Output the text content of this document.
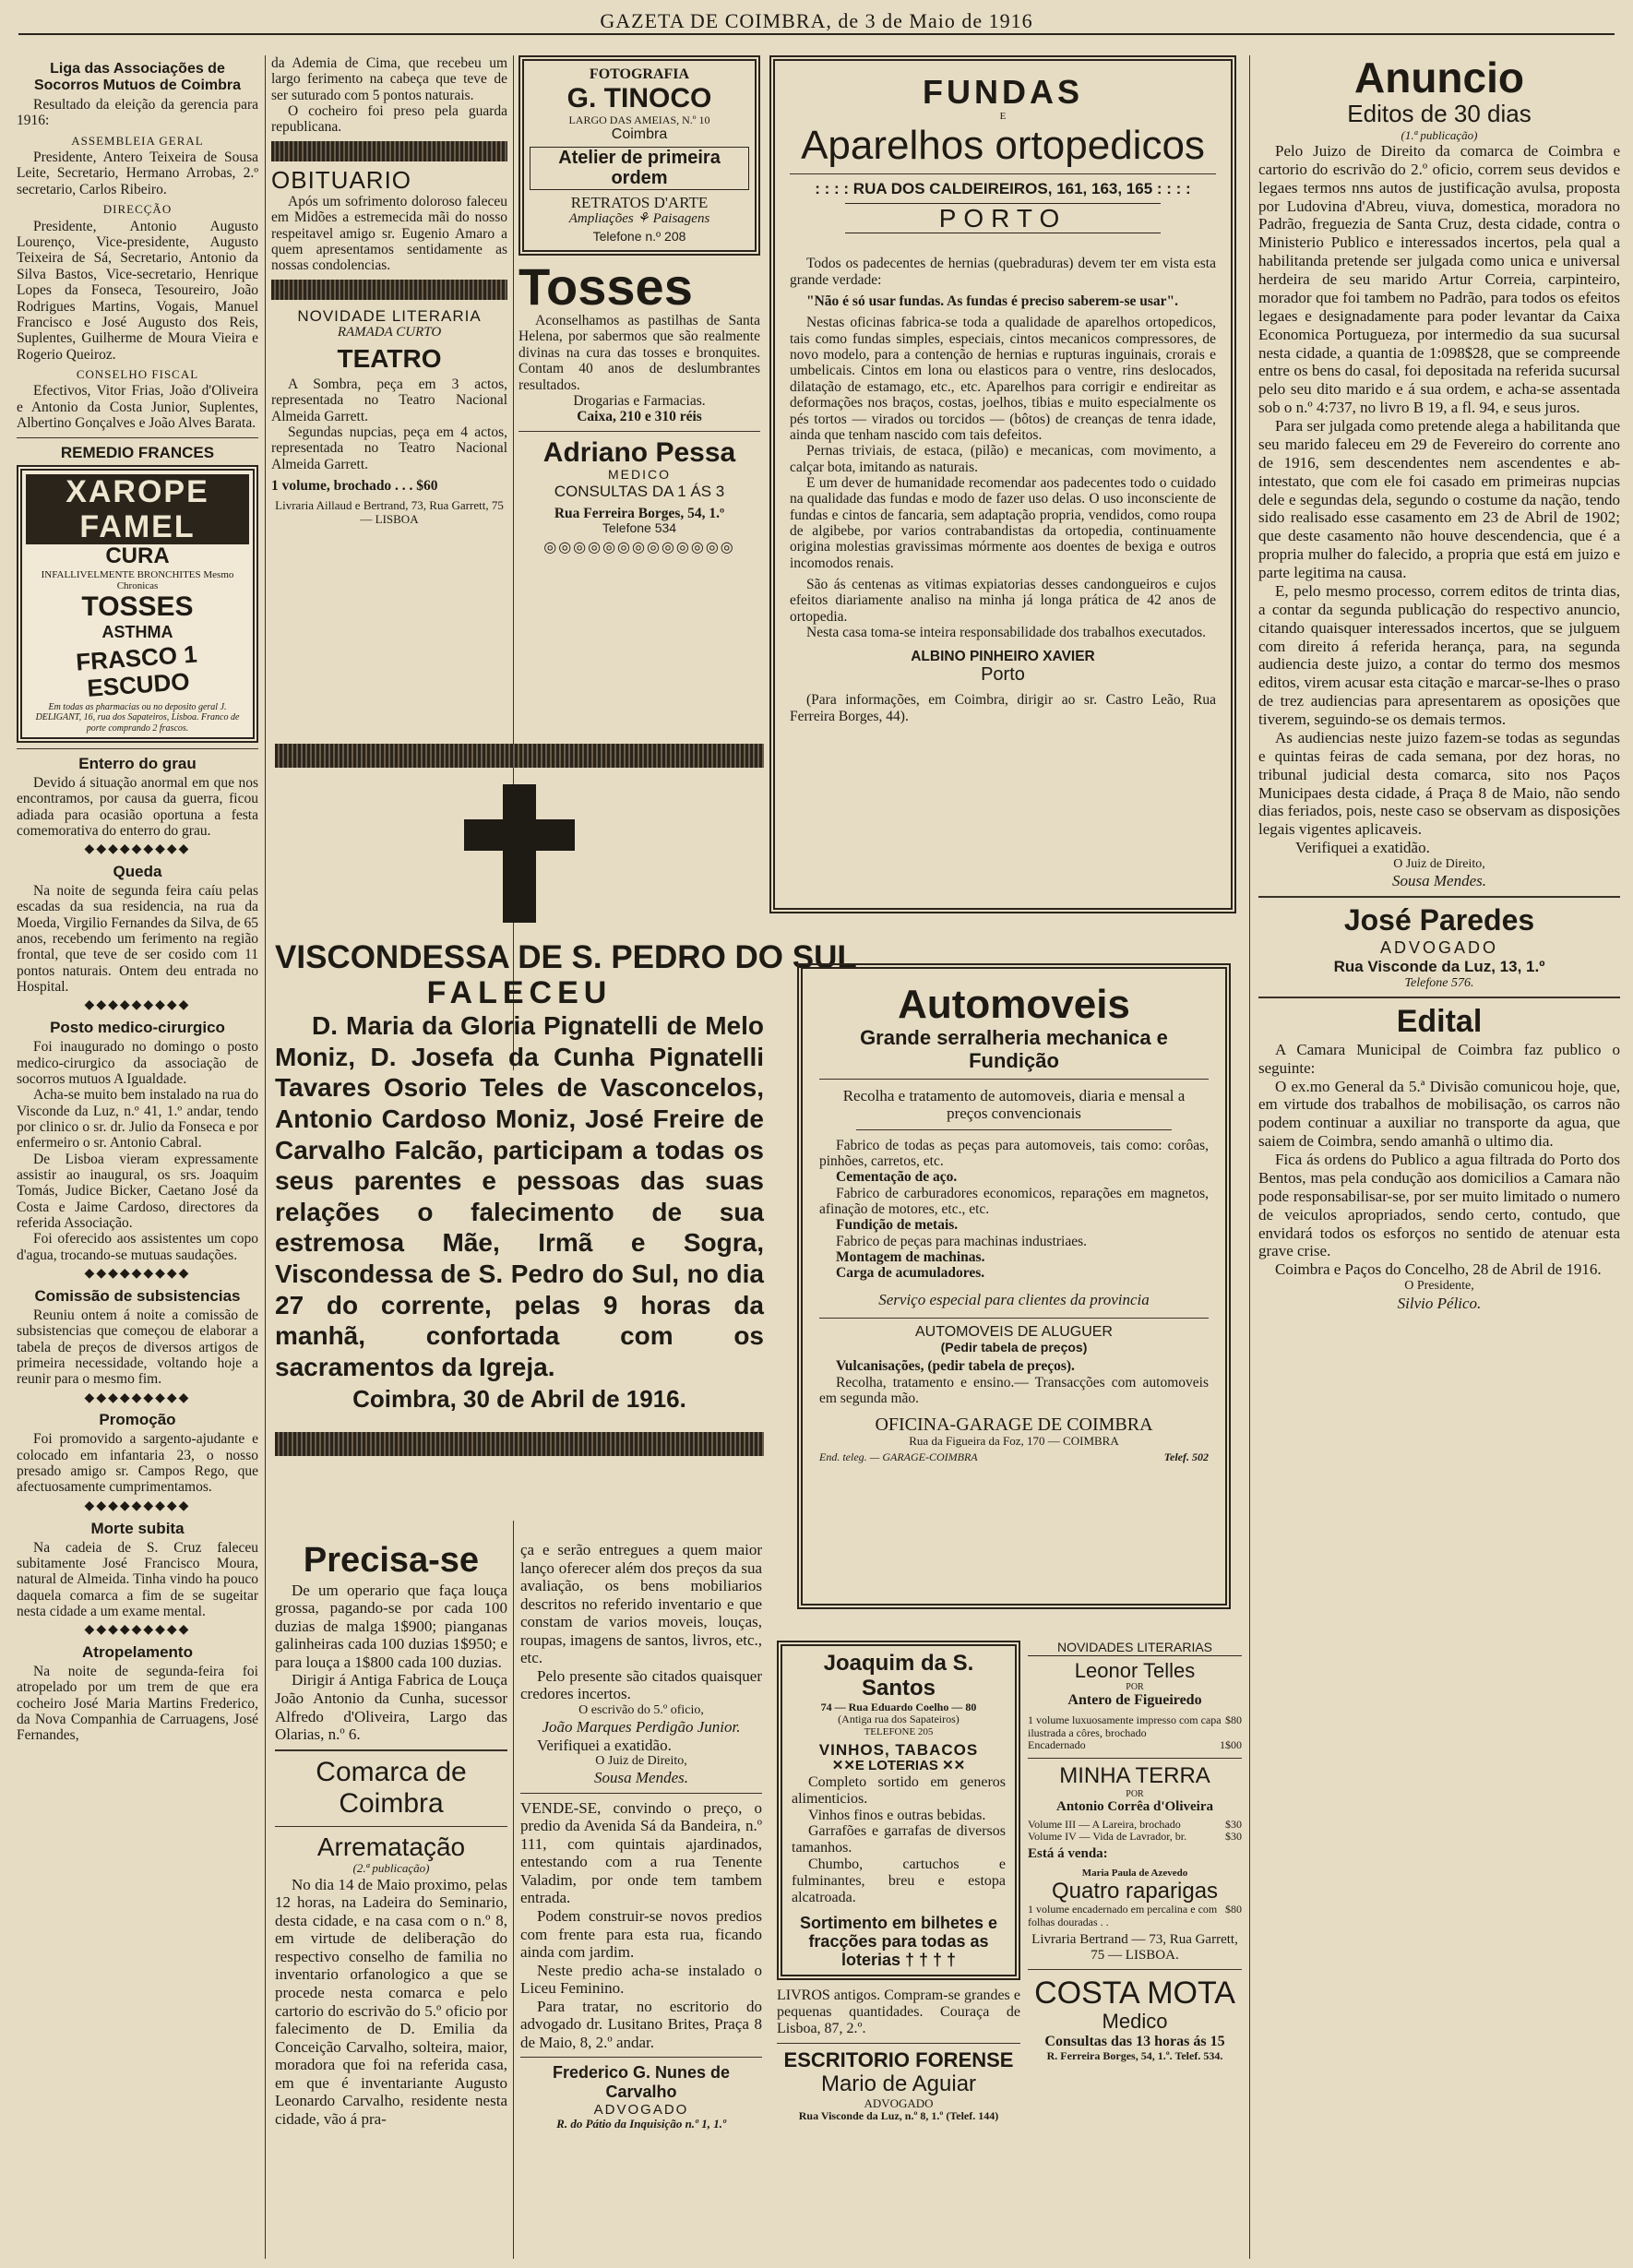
GAZETA DE COIMBRA, de 3 de Maio de 1916
Liga das Associações de Socorros Mutuos de Coimbra

Resultado da eleição da gerencia para 1916:

ASSEMBLEIA GERAL

Presidente, Antero Teixeira de Sousa Leite, Secretario, Hermano Arrobas, 2.º secretario, Carlos Ribeiro.

DIRECÇÃO

Presidente, Antonio Augusto Lourenço, Vice-presidente, Augusto Teixeira de Sá, Secretario, Antonio da Silva Bastos, Vice-secretario, Henrique Lopes da Fonseca, Tesoureiro, João Rodrigues Martins, Vogais, Manuel Francisco e José Augusto dos Reis, Suplentes, Guilherme de Moura Vieira e Rogerio Queiroz.

CONSELHO FISCAL

Efectivos, Vitor Frias, João d'Oliveira e Antonio da Costa Junior, Suplentes, Albertino Gonçalves e João Alves Barata.

REMEDIO FRANCES
XAROPE FAMEL
CURA
INFALLIVELMENTE BRONCHITES Mesmo Chronicas
TOSSES
ASTHMA
FRASCO 1 ESCUDO
Em todas as pharmacias ou no deposito geral J. DELIGANT, 16, rua dos Sapateiros, Lisboa. Franco de porte comprando 2 frascos.
Enterro do grau

Devido á situação anormal em que nos encontramos, por causa da guerra, ficou adiada para ocasião oportuna a festa comemorativa do enterro do grau.

◆◆◆◆◆◆◆◆◆
Queda

Na noite de segunda feira caíu pelas escadas da sua residencia, na rua da Moeda, Virgilio Fernandes da Silva, de 65 anos, recebendo um ferimento na região frontal, que teve de ser cosido com 11 pontos naturais. Ontem deu entrada no Hospital.

◆◆◆◆◆◆◆◆◆
Posto medico-cirurgico

Foi inaugurado no domingo o posto medico-cirurgico da associação de socorros mutuos A Igualdade.

Acha-se muito bem instalado na rua do Visconde da Luz, n.º 41, 1.º andar, tendo por clinico o sr. dr. Julio da Fonseca e por enfermeiro o sr. Antonio Cabral.

De Lisboa vieram expressamente assistir ao inaugural, os srs. Joaquim Tomás, Judice Bicker, Caetano José da Costa e Jaime Cardoso, directores da referida Associação.

Foi oferecido aos assistentes um copo d'agua, trocando-se mutuas saudações.

◆◆◆◆◆◆◆◆◆
Comissão de subsistencias

Reuniu ontem á noite a comissão de subsistencias que começou de elaborar a tabela de preços de diversos artigos de primeira necessidade, voltando hoje a reunir para o mesmo fim.

◆◆◆◆◆◆◆◆◆
Promoção

Foi promovido a sargento-ajudante e colocado em infantaria 23, o nosso presado amigo sr. Campos Rego, que afectuosamente cumprimentamos.

◆◆◆◆◆◆◆◆◆
Morte subita

Na cadeia de S. Cruz faleceu subitamente José Francisco Moura, natural de Almeida. Tinha vindo ha pouco daquela comarca a fim de se sugeitar nesta cidade a um exame mental.

◆◆◆◆◆◆◆◆◆
Atropelamento

Na noite de segunda-feira foi atropelado por um trem de que era cocheiro José Maria Martins Frederico, da Nova Companhia de Carruagens, José Fernandes,

da Ademia de Cima, que recebeu um largo ferimento na cabeça que teve de ser suturado com 5 pontos naturais.

O cocheiro foi preso pela guarda republicana.

OBITUARIO

Após um sofrimento doloroso faleceu em Midões a estremecida mãi do nosso respeitavel amigo sr. Eugenio Amaro a quem apresentamos sentidamente as nossas condolencias.

NOVIDADE LITERARIA
RAMADA CURTO
TEATRO

A Sombra, peça em 3 actos, representada no Teatro Nacional Almeida Garrett.

Segundas nupcias, peça em 4 actos, representada no Teatro Nacional Almeida Garrett.

1 volume, brochado . . . $60
Livraria Aillaud e Bertrand, 73, Rua Garrett, 75 — LISBOA
FOTOGRAFIA
G. TINOCO
LARGO DAS AMEIAS, N.º 10
Coimbra
Atelier de primeira ordem
RETRATOS D'ARTE
Ampliações ⚘ Paisagens
Telefone n.º 208
Tosses

Aconselhamos as pastilhas de Santa Helena, por sabermos que são realmente divinas na cura das tosses e bronquites. Contam 40 anos de deslumbrantes resultados.

Drogarias e Farmacias.
Caixa, 210 e 310 réis
Adriano Pessa
MEDICO
CONSULTAS DA 1 ÁS 3
Rua Ferreira Borges, 54, 1.º
Telefone 534
◎◎◎◎◎◎◎◎◎◎◎◎◎
FUNDAS
E
Aparelhos ortopedicos
: : : : RUA DOS CALDEIREIROS, 161, 163, 165 : : : :
PORTO

Todos os padecentes de hernias (quebraduras) devem ter em vista esta grande verdade:

"Não é só usar fundas. As fundas é preciso saberem-se usar".

Nestas oficinas fabrica-se toda a qualidade de aparelhos ortopedicos, tais como fundas simples, especiais, cintos mecanicos compressores, de novo modelo, para a contenção de hernias e rupturas inguinais, crorais e umbelicais. Cintos em lona ou elasticos para o ventre, rins deslocados, dilatação de estamago, etc., etc. Aparelhos para corrigir e endireitar as deformações nos braços, costas, joelhos, tibias e muito especialmente os pés tortos — virados ou torcidos — (bôtos) de creanças de tenra idade, ainda que tenham nascido com tais defeitos.

Pernas triviais, de estaca, (pilão) e mecanicas, com movimento, a calçar bota, imitando as naturais.

E um dever de humanidade recomendar aos padecentes todo o cuidado na qualidade das fundas e modo de fazer uso delas. O uso inconsciente de fundas e cintos de fancaria, sem adaptação propria, vendidos, como roupa de algibebe, por varios contrabandistas da ortopedia, continuamente origina molestias gravissimas mórmente aos doentes de bexiga e outros incomodos renais.

São ás centenas as vitimas expiatorias desses candongueiros e cujos efeitos diariamente analiso na minha já longa prática de 42 anos de ortopedia.

Nesta casa toma-se inteira responsabilidade dos trabalhos executados.

ALBINO PINHEIRO XAVIER
Porto

(Para informações, em Coimbra, dirigir ao sr. Castro Leão, Rua Ferreira Borges, 44).

Anuncio
Editos de 30 dias
(1.ª publicação)

Pelo Juizo de Direito da comarca de Coimbra e cartorio do escrivão do 2.º oficio, correm seus devidos e legaes termos nns autos de justificação avulsa, proposta por Ludovina d'Abreu, viuva, domestica, moradora no Padrão, freguezia de Santa Cruz, desta cidade, contra o Ministerio Publico e interessados incertos, pela qual a habilitanda pretende ser julgada como unica e universal herdeira de seu marido Artur Correia, carpinteiro, morador que foi tambem no Padrão, para todos os efeitos legaes e designadamente para poder levantar da Caixa Economica Portugueza, por intermedio da sua sucursal nesta cidade, a quantia de 1:098$28, que se compreende entre os bens do casal, foi depositada na referida sucursal pelo seu dito marido e á sua ordem, e acha-se assentada sob o n.º 4:737, no livro B 19, a fl. 94, e seus juros.

Para ser julgada como pretende alega a habilitanda que seu marido faleceu em 29 de Fevereiro do corrente ano de 1916, sem descendentes nem ascendentes e ab-intestato, que com ele foi casado em primeiras nupcias dele e segundas dela, segundo o costume da nação, tendo sido realisado esse casamento em 23 de Abril de 1902; que deste casamento não houve descendencia, que é a propria mulher do falecido, a propria que está em juizo e parte legitima na causa.

E, pelo mesmo processo, correm editos de trinta dias, a contar da segunda publicação do respectivo anuncio, citando quaisquer interessados incertos, que se julguem com direito á referida herança, para, na segunda audiencia deste juizo, a contar do termo dos mesmos editos, virem acusar esta citação e marcar-se-lhes o praso de trez audiencias para apresentarem as oposições que tiverem, seguindo-se os demais termos.

As audiencias neste juizo fazem-se todas as segundas e quintas feiras de cada semana, por dez horas, no tribunal judicial desta comarca, sito nos Paços Municipaes desta cidade, á Praça 8 de Maio, não sendo dias feriados, pois, neste caso se observam as disposições legais vigentes aplicaveis.

Verifiquei a exatidão.

O Juiz de Direito,
Sousa Mendes.
José Paredes
ADVOGADO
Rua Visconde da Luz, 13, 1.º
Telefone 576.
Edital

A Camara Municipal de Coimbra faz publico o seguinte:

O ex.mo General da 5.ª Divisão comunicou hoje, que, em virtude dos trabalhos de mobilisação, os carros não podem continuar a auxiliar no transporte da agua, que saiem de Coimbra, sendo amanhã o ultimo dia.

Fica ás ordens do Publico a agua filtrada do Porto dos Bentos, mas pela condução aos domicilios a Camara não pode responsabilisar-se, por ser muito limitado o numero de veiculos apropriados, sendo certo, contudo, que envidará todos os esforços no sentido de atenuar esta grave crise.

Coimbra e Paços do Concelho, 28 de Abril de 1916.

O Presidente,
Silvio Pélico.
VISCONDESSA DE S. PEDRO DO SUL
FALECEU

D. Maria da Gloria Pignatelli de Melo Moniz, D. Josefa da Cunha Pignatelli Tavares Osorio Teles de Vasconcelos, Antonio Cardoso Moniz, José Freire de Carvalho Falcão, participam a todas os seus parentes e pessoas das suas relações o falecimento de sua estremosa Mãe, Irmã e Sogra, Viscondessa de S. Pedro do Sul, no dia 27 do corrente, pelas 9 horas da manhã, confortada com os sacramentos da Igreja.

Coimbra, 30 de Abril de 1916.
Automoveis
Grande serralheria mechanica e Fundição
Recolha e tratamento de automoveis, diaria e mensal a preços convencionais

Fabrico de todas as peças para automoveis, tais como: corôas, pinhões, carretos, etc.

Cementação de aço.

Fabrico de carburadores economicos, reparações em magnetos, afinação de motores, etc., etc.

Fundição de metais.

Fabrico de peças para machinas industriaes.

Montagem de machinas.

Carga de acumuladores.

Serviço especial para clientes da provincia
AUTOMOVEIS DE ALUGUER
(Pedir tabela de preços)

Vulcanisações, (pedir tabela de preços).

Recolha, tratamento e ensino.— Transacções com automoveis em segunda mão.

OFICINA-GARAGE DE COIMBRA
Rua da Figueira da Foz, 170 — COIMBRA
End. teleg. — GARAGE-COIMBRA	Telef. 502
Precisa-se

De um operario que faça louça grossa, pagando-se por cada 100 duzias de malga 1$900; pianganas galinheiras cada 100 duzias 1$950; e para louça a 1$800 cada 100 duzias.

Dirigir á Antiga Fabrica de Louça João Antonio da Cunha, sucessor Alfredo d'Oliveira, Largo das Olarias, n.º 6.

Comarca de Coimbra
Arrematação
(2.ª publicação)

No dia 14 de Maio proximo, pelas 12 horas, na Ladeira do Seminario, desta cidade, e na casa com o n.º 8, em virtude de deliberação do respectivo conselho de familia no inventario orfanologico a que se procede nesta comarca e pelo cartorio do escrivão do 5.º oficio por falecimento de D. Emilia da Conceição Carvalho, solteira, maior, moradora que foi na referida casa, em que é inventariante Augusto Leonardo Carvalho, residente nesta cidade, vão á pra-

ça e serão entregues a quem maior lanço oferecer além dos preços da sua avaliação, os bens mobiliarios descritos no referido inventario e que constam de varios moveis, louças, roupas, imagens de santos, livros, etc., etc.

Pelo presente são citados quaisquer credores incertos.

O escrivão do 5.º oficio,
João Marques Perdigão Junior.

Verifiquei a exatidão.

O Juiz de Direito,
Sousa Mendes.

VENDE-SE, convindo o preço, o predio da Avenida Sá da Bandeira, n.º 111, com quintais ajardinados, entestando com a rua Tenente Valadim, por onde tem tambem entrada.

Podem construir-se novos predios com frente para esta rua, ficando ainda com jardim.

Neste predio acha-se instalado o Liceu Feminino.

Para tratar, no escritorio do advogado dr. Lusitano Brites, Praça 8 de Maio, 8, 2.º andar.

Frederico G. Nunes de Carvalho
ADVOGADO
R. do Pátio da Inquisição n.º 1, 1.º
Joaquim da S. Santos
74 — Rua Eduardo Coelho — 80
(Antiga rua dos Sapateiros)
TELEFONE 205
VINHOS, TABACOS
✕✕E LOTERIAS ✕✕

Completo sortido em generos alimenticios.

Vinhos finos e outras bebidas.

Garrafões e garrafas de diversos tamanhos.

Chumbo, cartuchos e fulminantes, breu e estopa alcatroada.

Sortimento em bilhetes e fracções para todas as loterias † † † †

LIVROS antigos. Compram-se grandes e pequenas quantidades. Couraça de Lisboa, 87, 2.º.

ESCRITORIO FORENSE
Mario de Aguiar
ADVOGADO
Rua Visconde da Luz, n.º 8, 1.º (Telef. 144)
NOVIDADES LITERARIAS
Leonor Telles
POR
Antero de Figueiredo
1 volume luxuosamente impresso com capa ilustrada a côres, brochado
$80
Encadernado	1$00
MINHA TERRA
POR
Antonio Corrêa d'Oliveira
Volume III — A Lareira, brochado	$30
Volume IV — Vida de Lavrador, br.	$30
Está á venda:
Maria Paula de Azevedo
Quatro raparigas
1 volume encadernado em percalina e com folhas douradas . .
$80
Livraria Bertrand — 73, Rua Garrett, 75 — LISBOA.
COSTA MOTA
Medico
Consultas das 13 horas ás 15
R. Ferreira Borges, 54, 1.º. Telef. 534.
